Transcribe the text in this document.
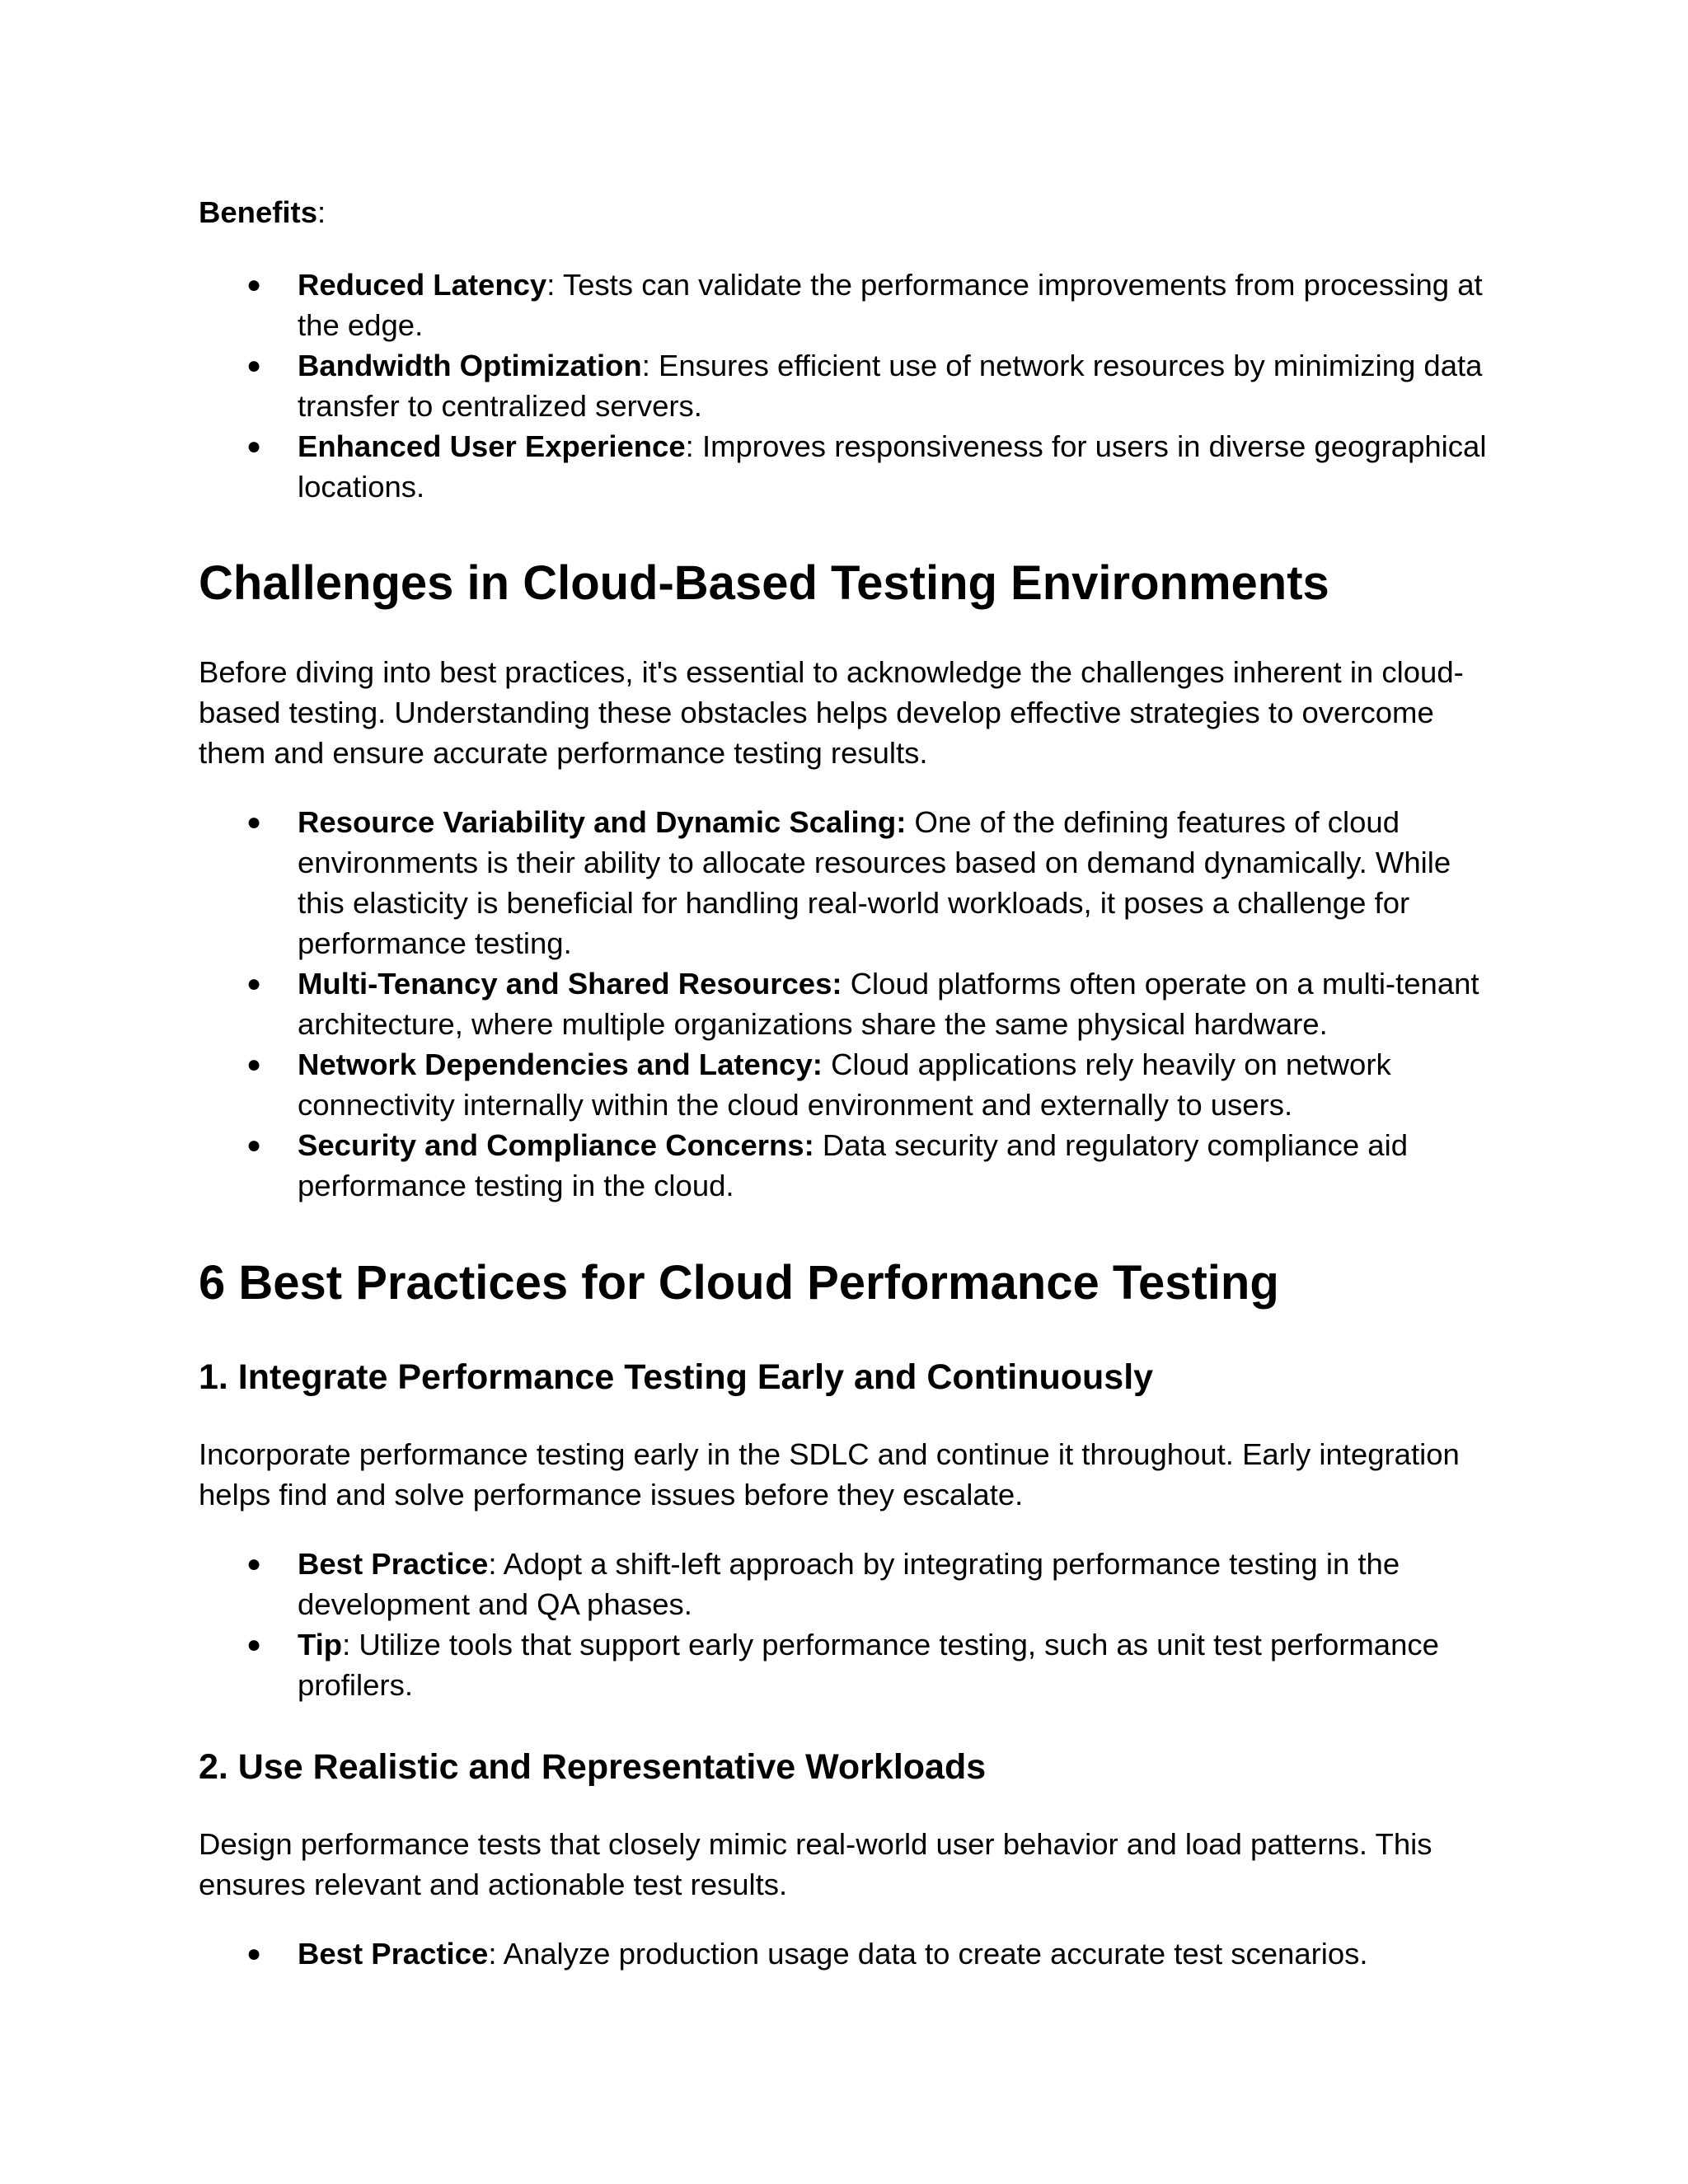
Benefits:

● Reduced Latency: Tests can validate the performance improvements from processing at the edge.
● Bandwidth Optimization: Ensures efficient use of network resources by minimizing data transfer to centralized servers.
● Enhanced User Experience: Improves responsiveness for users in diverse geographical locations.
Challenges in Cloud-Based Testing Environments

Before diving into best practices, it's essential to acknowledge the challenges inherent in cloud-based testing. Understanding these obstacles helps develop effective strategies to overcome them and ensure accurate performance testing results.

● Resource Variability and Dynamic Scaling: One of the defining features of cloud environments is their ability to allocate resources based on demand dynamically. While this elasticity is beneficial for handling real-world workloads, it poses a challenge for performance testing.
● Multi-Tenancy and Shared Resources: Cloud platforms often operate on a multi-tenant architecture, where multiple organizations share the same physical hardware.
● Network Dependencies and Latency: Cloud applications rely heavily on network connectivity internally within the cloud environment and externally to users.
● Security and Compliance Concerns: Data security and regulatory compliance aid performance testing in the cloud.
6 Best Practices for Cloud Performance Testing
1. Integrate Performance Testing Early and Continuously

Incorporate performance testing early in the SDLC and continue it throughout. Early integration helps find and solve performance issues before they escalate.

● Best Practice: Adopt a shift-left approach by integrating performance testing in the development and QA phases.
● Tip: Utilize tools that support early performance testing, such as unit test performance profilers.
2. Use Realistic and Representative Workloads

Design performance tests that closely mimic real-world user behavior and load patterns. This ensures relevant and actionable test results.

● Best Practice: Analyze production usage data to create accurate test scenarios.
